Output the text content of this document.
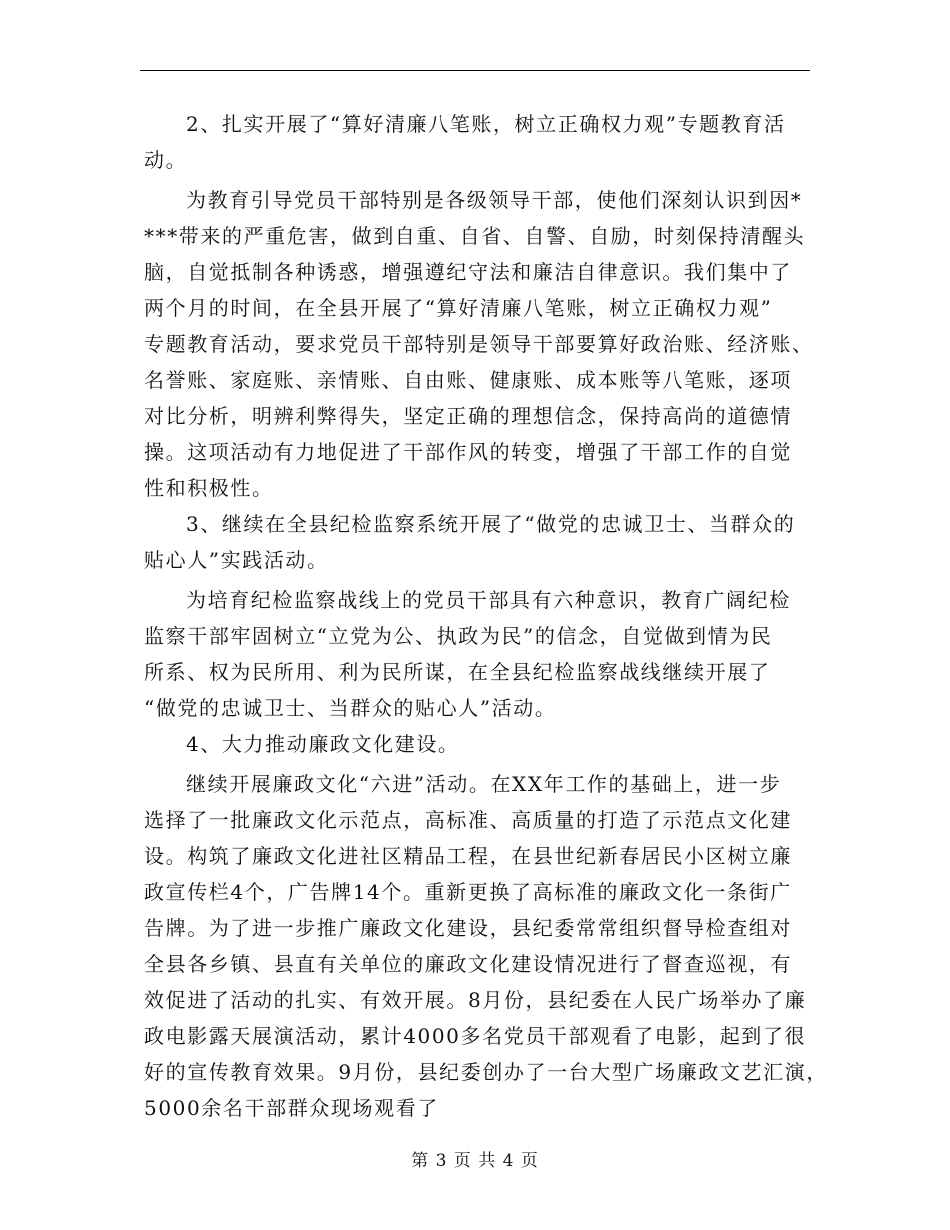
2、扎实开展了“算好清廉八笔账，树立正确权力观”专题教育活
动。
为教育引导党员干部特别是各级领导干部，使他们深刻认识到因*
***带来的严重危害，做到自重、自省、自警、自励，时刻保持清醒头
脑，自觉抵制各种诱惑，增强遵纪守法和廉洁自律意识。我们集中了
两个月的时间，在全县开展了“算好清廉八笔账，树立正确权力观”
专题教育活动，要求党员干部特别是领导干部要算好政治账、经济账、
名誉账、家庭账、亲情账、自由账、健康账、成本账等八笔账，逐项
对比分析，明辨利弊得失，坚定正确的理想信念，保持高尚的道德情
操。这项活动有力地促进了干部作风的转变，增强了干部工作的自觉
性和积极性。
3、继续在全县纪检监察系统开展了“做党的忠诚卫士、当群众的
贴心人”实践活动。
为培育纪检监察战线上的党员干部具有六种意识，教育广阔纪检
监察干部牢固树立“立党为公、执政为民”的信念，自觉做到情为民
所系、权为民所用、利为民所谋，在全县纪检监察战线继续开展了
“做党的忠诚卫士、当群众的贴心人”活动。
4、大力推动廉政文化建设。
继续开展廉政文化“六进”活动。在XX年工作的基础上，进一步
选择了一批廉政文化示范点，高标准、高质量的打造了示范点文化建
设。构筑了廉政文化进社区精品工程，在县世纪新春居民小区树立廉
政宣传栏4个，广告牌14个。重新更换了高标准的廉政文化一条街广
告牌。为了进一步推广廉政文化建设，县纪委常常组织督导检查组对
全县各乡镇、县直有关单位的廉政文化建设情况进行了督查巡视，有
效促进了活动的扎实、有效开展。8月份，县纪委在人民广场举办了廉
政电影露天展演活动，累计4000多名党员干部观看了电影，起到了很
好的宣传教育效果。9月份，县纪委创办了一台大型广场廉政文艺汇演，
5000余名干部群众现场观看了
第 3 页 共 4 页
